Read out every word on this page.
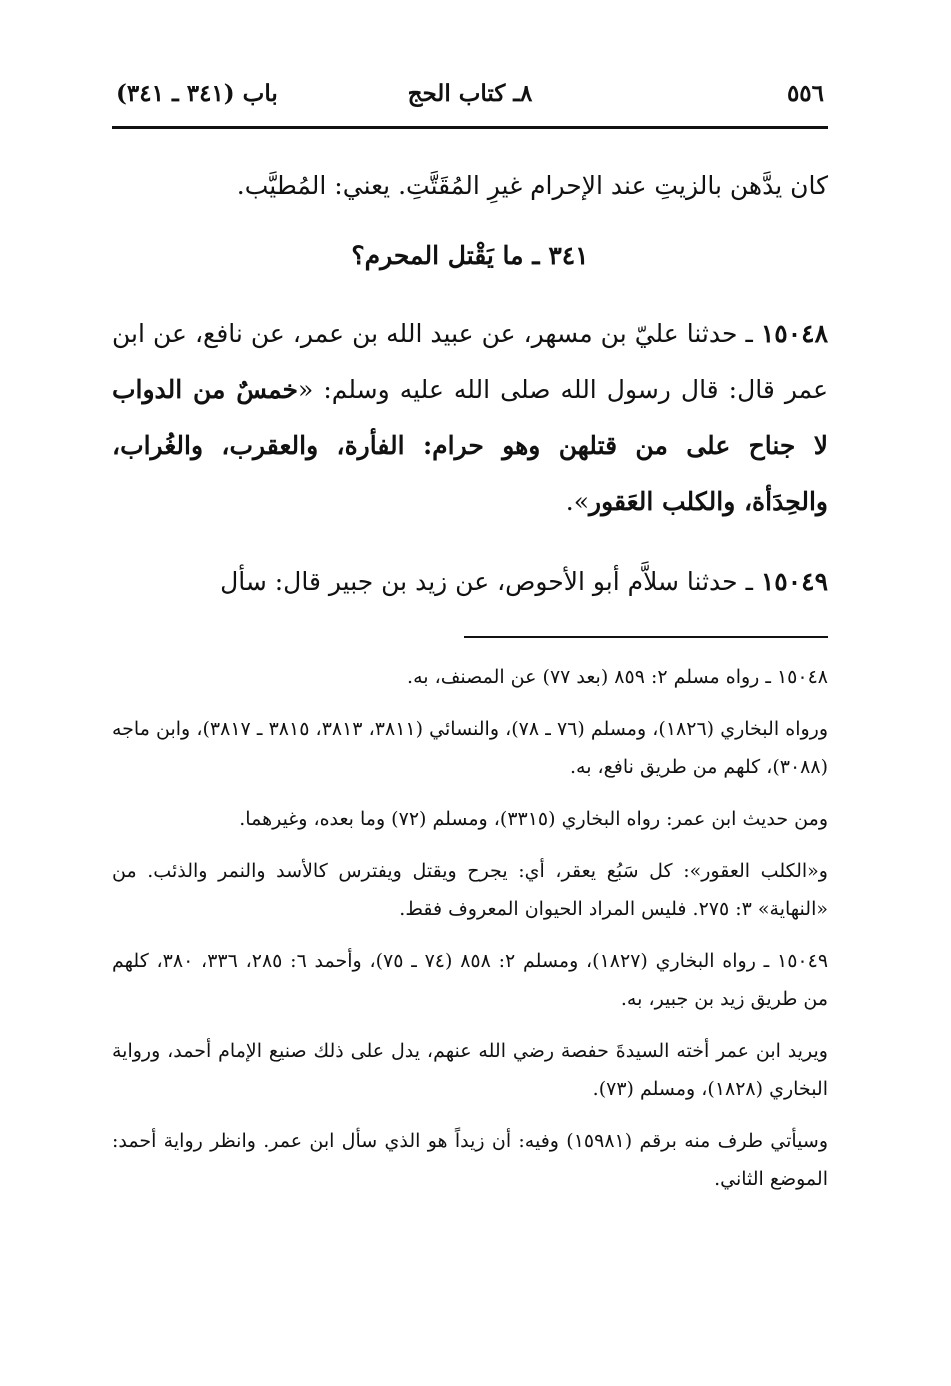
٥٥٦
٨ـ كتاب الحج
باب (٣٤١ ـ ٣٤١)

كان يدَّهن بالزيتِ عند الإحرام غيرِ المُقَتَّتِ. يعني: المُطيَّب.

٣٤١ ـ ما يَقْتل المحرم؟

١٥٠٤٨ ـ حدثنا عليّ بن مسهر، عن عبيد الله بن عمر، عن نافع، عن ابن عمر قال: قال رسول الله صلى الله عليه وسلم: «خمسٌ من الدواب لا جناح على من قتلهن وهو حرام: الفأرة، والعقرب، والغُراب، والحِدَأة، والكلب العَقور».

١٥٠٤٩ ـ حدثنا سلاَّم أبو الأحوص، عن زيد بن جبير قال: سأل

١٥٠٤٨ ـ رواه مسلم ٢: ٨٥٩ (بعد ٧٧) عن المصنف، به.

ورواه البخاري (١٨٢٦)، ومسلم (٧٦ ـ ٧٨)، والنسائي (٣٨١١، ٣٨١٣، ٣٨١٥ ـ ٣٨١٧)، وابن ماجه (٣٠٨٨)، كلهم من طريق نافع، به.

ومن حديث ابن عمر: رواه البخاري (٣٣١٥)، ومسلم (٧٢) وما بعده، وغيرهما.

و«الكلب العقور»: كل سَبُع يعقر، أي: يجرح ويقتل ويفترس كالأسد والنمر والذئب. من «النهاية» ٣: ٢٧٥. فليس المراد الحيوان المعروف فقط.

١٥٠٤٩ ـ رواه البخاري (١٨٢٧)، ومسلم ٢: ٨٥٨ (٧٤ ـ ٧٥)، وأحمد ٦: ٢٨٥، ٣٣٦، ٣٨٠، كلهم من طريق زيد بن جبير، به.

ويريد ابن عمر أخته السيدةَ حفصة رضي الله عنهم، يدل على ذلك صنيع الإمام أحمد، ورواية البخاري (١٨٢٨)، ومسلم (٧٣).

وسيأتي طرف منه برقم (١٥٩٨١) وفيه: أن زيداً هو الذي سأل ابن عمر. وانظر رواية أحمد: الموضع الثاني.
